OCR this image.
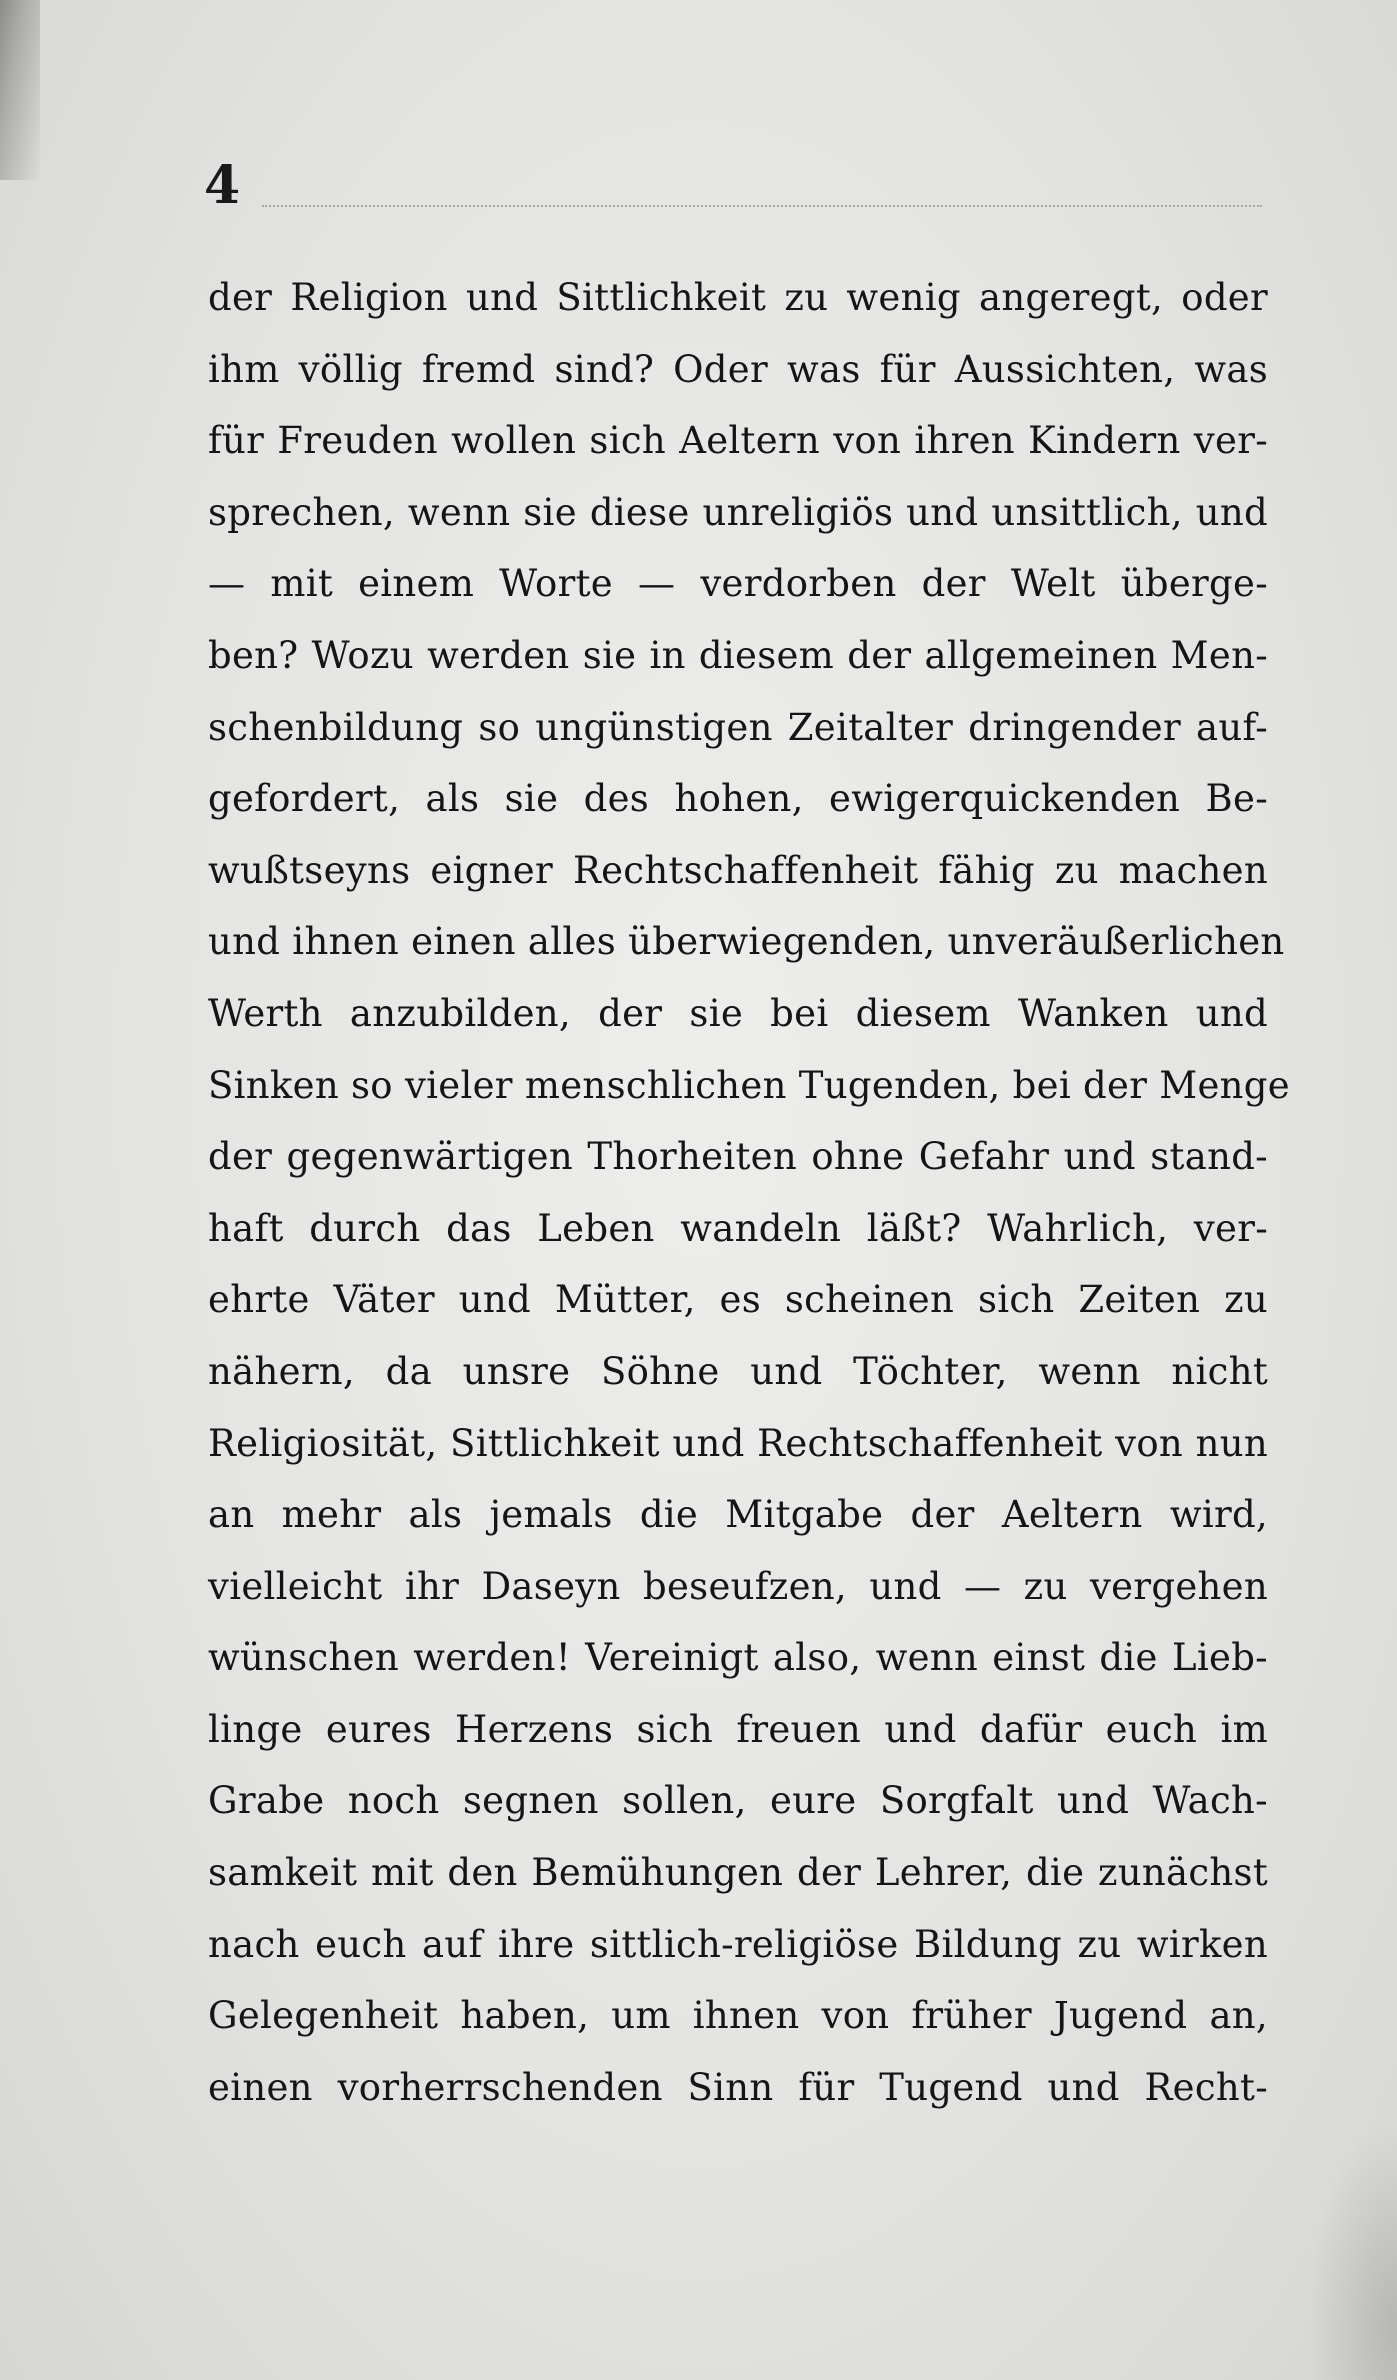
4
der Religion und Sittlichkeit zu wenig angeregt, oder
ihm völlig fremd sind? Oder was für Aussichten, was
für Freuden wollen sich Aeltern von ihren Kindern ver-
sprechen, wenn sie diese unreligiös und unsittlich, und
— mit einem Worte — verdorben der Welt überge-
ben? Wozu werden sie in diesem der allgemeinen Men-
schenbildung so ungünstigen Zeitalter dringender auf-
gefordert, als sie des hohen, ewigerquickenden Be-
wußtseyns eigner Rechtschaffenheit fähig zu machen
und ihnen einen alles überwiegenden, unveräußerlichen
Werth anzubilden, der sie bei diesem Wanken und
Sinken so vieler menschlichen Tugenden, bei der Menge
der gegenwärtigen Thorheiten ohne Gefahr und stand-
haft durch das Leben wandeln läßt? Wahrlich, ver-
ehrte Väter und Mütter, es scheinen sich Zeiten zu
nähern, da unsre Söhne und Töchter, wenn nicht
Religiosität, Sittlichkeit und Rechtschaffenheit von nun
an mehr als jemals die Mitgabe der Aeltern wird,
vielleicht ihr Daseyn beseufzen, und — zu vergehen
wünschen werden! Vereinigt also, wenn einst die Lieb-
linge eures Herzens sich freuen und dafür euch im
Grabe noch segnen sollen, eure Sorgfalt und Wach-
samkeit mit den Bemühungen der Lehrer, die zunächst
nach euch auf ihre sittlich-religiöse Bildung zu wirken
Gelegenheit haben, um ihnen von früher Jugend an,
einen vorherrschenden Sinn für Tugend und Recht-
